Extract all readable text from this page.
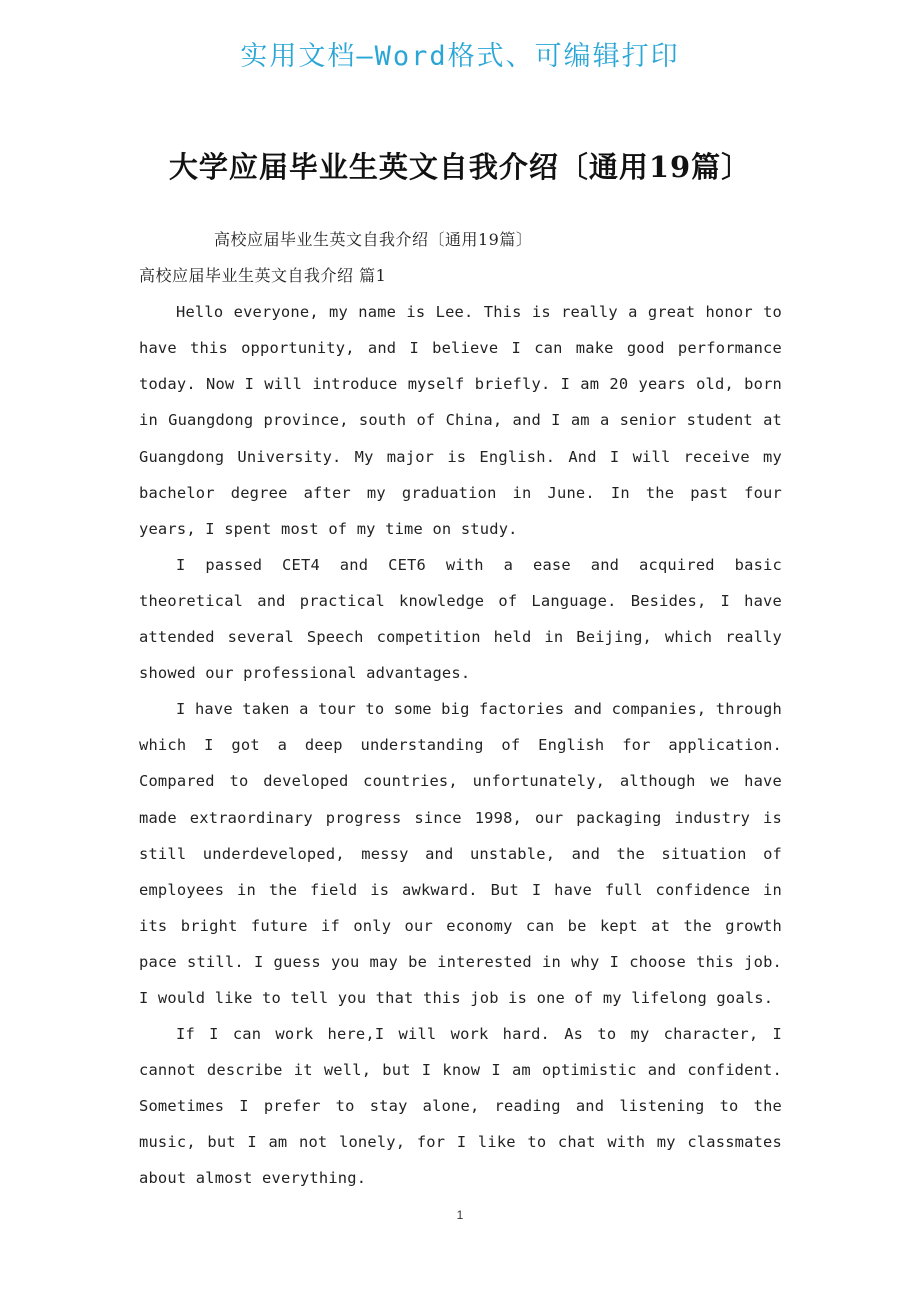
实用文档—Word格式、可编辑打印
大学应届毕业生英文自我介绍〔通用19篇〕

高校应届毕业生英文自我介绍〔通用19篇〕

高校应届毕业生英文自我介绍 篇1

Hello everyone, my name is Lee. This is really a great honor to have this opportunity, and I believe I can make good performance today. Now I will introduce myself briefly. I am 20 years old, born in Guangdong province, south of China, and I am a senior student at Guangdong University. My major is English. And I will receive my bachelor degree after my graduation in June. In the past four years, I spent most of my time on study.

I passed CET4 and CET6 with a ease and acquired basic theoretical and practical knowledge of Language. Besides, I have attended several Speech competition held in Beijing, which really showed our professional advantages.

I have taken a tour to some big factories and companies, through which I got a deep understanding of English for application. Compared to developed countries, unfortunately, although we have made extraordinary progress since 1998, our packaging industry is still underdeveloped, messy and unstable, and the situation of employees in the field is awkward. But I have full confidence in its bright future if only our economy can be kept at the growth pace still. I guess you may be interested in why I choose this job. I would like to tell you that this job is one of my lifelong goals.

If I can work here,I will work hard. As to my character, I cannot describe it well, but I know I am optimistic and confident. Sometimes I prefer to stay alone, reading and listening to the music, but I am not lonely, for I like to chat with my classmates about almost everything.

1
